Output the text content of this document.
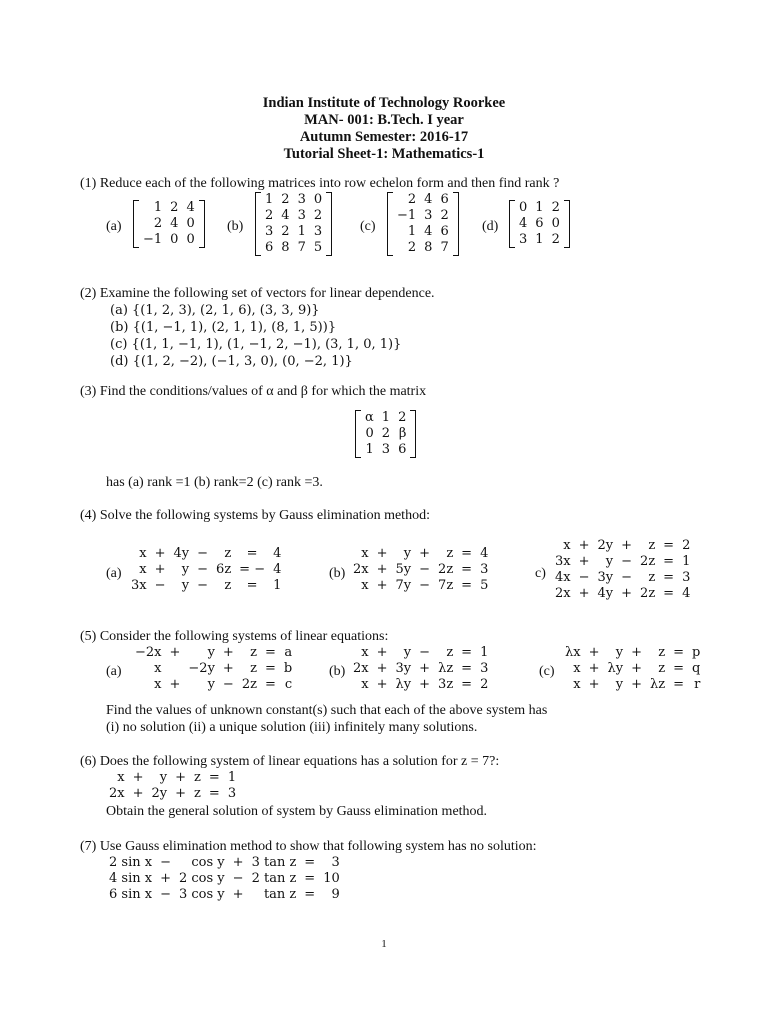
Indian Institute of Technology Roorkee
MAN- 001: B.Tech. I year
Autumn Semester: 2016-17
Tutorial Sheet-1: Mathematics-1
(1) Reduce each of the following matrices into row echelon form and then find rank ?
(a)
1	2	4
2	4	0
−1	0	0
(b)
1	2	3	0
2	4	3	2
3	2	1	3
6	8	7	5
(c)
2	4	6
−1	3	2
1	4	6
2	8	7
(d)
0	1	2
4	6	0
3	1	2
(2) Examine the following set of vectors for linear dependence.
(a) {(1, 2, 3), (2, 1, 6), (3, 3, 9)}
(b) {(1, −1, 1), (2, 1, 1), (8, 1, 5))}
(c) {(1, 1, −1, 1), (1, −1, 2, −1), (3, 1, 0, 1)}
(d) {(1, 2, −2), (−1, 3, 0), (0, −2, 1)}
(3) Find the conditions/values of α and β for which the matrix
α	1	2
0	2	β
1	3	6
has (a) rank =1 (b) rank=2 (c) rank =3.
(4) Solve the following systems by Gauss elimination method:
(a)
x	+	4y	−	z	=	4
x	+	y	−	6z	= −	4
3x	−	y	−	z	=	1
(b)
x	+	y	+	z	=	4
2x	+	5y	−	2z	=	3
x	+	7y	−	7z	=	5
c)
x	+	2y	+	z	=	2
3x	+	y	−	2z	=	1
4x	−	3y	−	z	=	3
2x	+	4y	+	2z	=	4
(5) Consider the following systems of linear equations:
(a)
−2x	+	y	+	z	=	a
x		−2y	+	z	=	b
x	+	y	−	2z	=	c
(b)
x	+	y	−	z	=	1
2x	+	3y	+	λz	=	3
x	+	λy	+	3z	=	2
(c)
λx	+	y	+	z	=	p
x	+	λy	+	z	=	q
x	+	y	+	λz	=	r
Find the values of unknown constant(s) such that each of the above system has
(i) no solution (ii) a unique solution (iii) infinitely many solutions.
(6) Does the following system of linear equations has a solution for z = 7?:
x	+	y	+	z	=	1
2x	+	2y	+	z	=	3
Obtain the general solution of system by Gauss elimination method.
(7) Use Gauss elimination method to show that following system has no solution:
2 sin x	−	cos y	+	3 tan z	=	3
4 sin x	+	2 cos y	−	2 tan z	=	10
6 sin x	−	3 cos y	+	tan z	=	9
1
